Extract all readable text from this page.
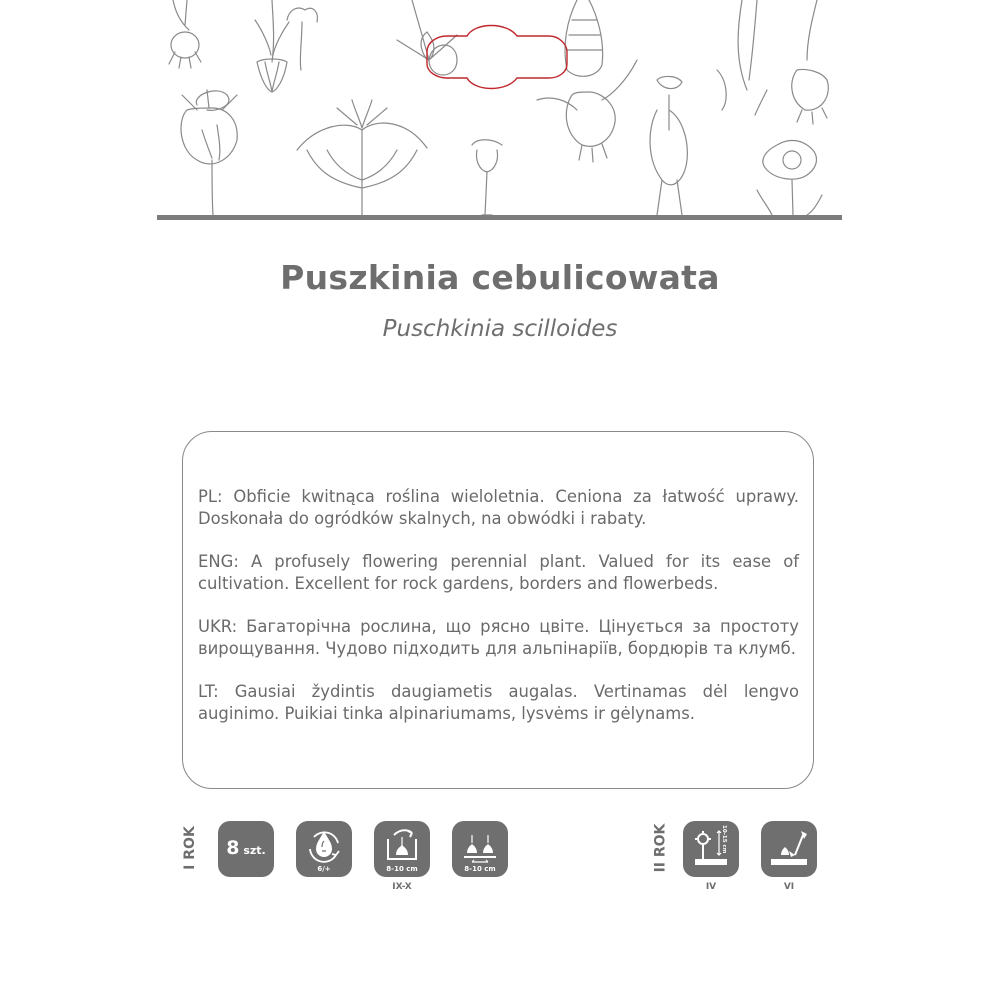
Puszkinia cebulicowata
Puschkinia scilloides

PL: Obficie kwitnąca roślina wieloletnia. Ceniona za łatwość uprawy. Doskonała do ogródków skalnych, na obwódki i rabaty.

ENG: A profusely flowering perennial plant. Valued for its ease of cultivation. Excellent for rock gardens, borders and flowerbeds.

UKR: Багаторічна рослина, що рясно цвіте. Цінується за простоту вирощування. Чудово підходить для альпінаріїв, бордюрів та клумб.

LT: Gausiai žydintis daugiametis augalas. Vertinamas dėl lengvo auginimo. Puikiai tinka alpinariumams, lysvėms ir gėlynams.

I ROK	8 szt.
6/+	8-10 cm
IX-X
8-10 cm	II ROK	10-15 cm
IV	VI
